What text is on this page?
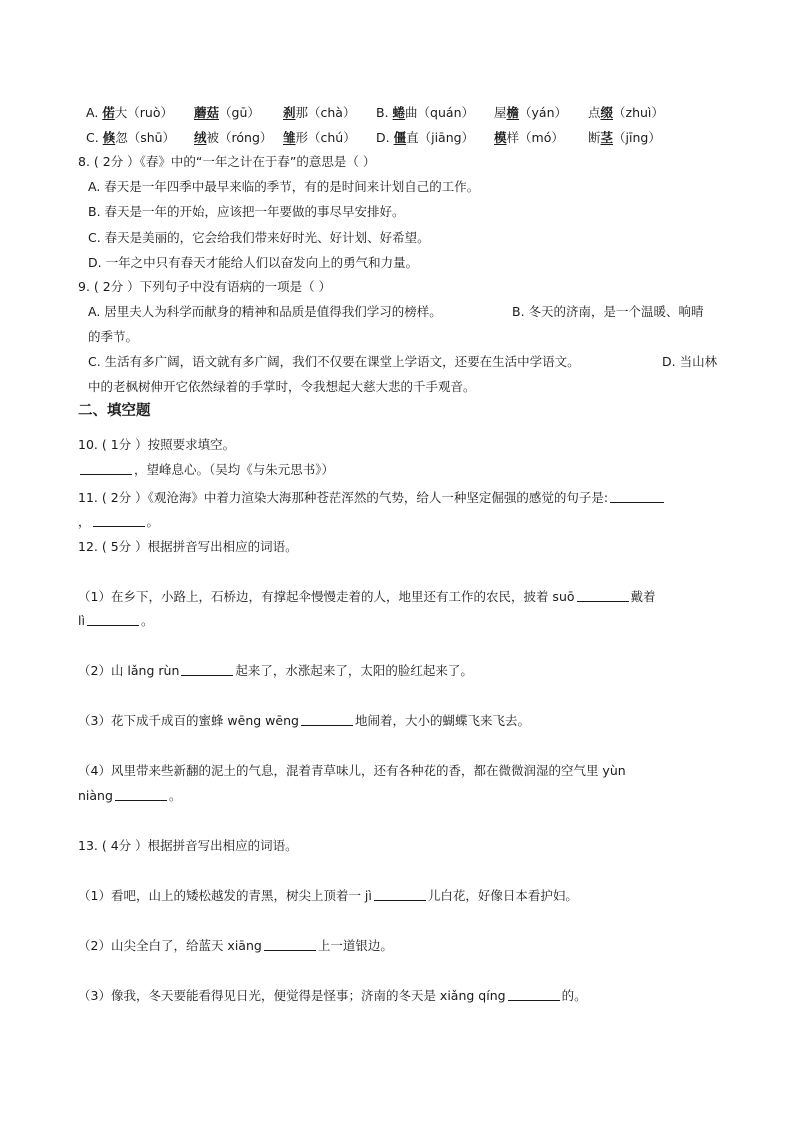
A. 偌大（ruò） 蘑菇（gū） 刹那（chà） B. 蜷曲（quán） 屋檐（yán） 点缀（zhuì）
C. 倏忽（shū） 绒被（róng） 雏形（chú） D. 僵直（jiāng） 模样（mó） 断茎（jīng）
8. ( 2分 ）《春》中的“一年之计在于春”的意思是（ ）
A. 春天是一年四季中最早来临的季节，有的是时间来计划自己的工作。
B. 春天是一年的开始，应该把一年要做的事尽早安排好。
C. 春天是美丽的，它会给我们带来好时光、好计划、好希望。
D. 一年之中只有春天才能给人们以奋发向上的勇气和力量。
9. ( 2分 ）下列句子中没有语病的一项是（ ）
A. 居里夫人为科学而献身的精神和品质是值得我们学习的榜样。	B. 冬天的济南，是一个温暖、响晴
的季节。
C. 生活有多广阔，语文就有多广阔，我们不仅要在课堂上学语文，还要在生活中学语文。	D. 当山林
中的老枫树伸开它依然绿着的手掌时，令我想起大慈大悲的千手观音。
二、填空题
10. ( 1分 ）按照要求填空。
，望峰息心。（吴均《与朱元思书》）
11. ( 2分 ）《观沧海》中着力渲染大海那种苍茫浑然的气势，给人一种坚定倔强的感觉的句子是:
，	。
12. ( 5分 ）根据拼音写出相应的词语。
（1）在乡下，小路上，石桥边，有撑起伞慢慢走着的人，地里还有工作的农民，披着 suō	戴着
lì	。
（2）山 lǎng rùn	起来了，水涨起来了，太阳的脸红起来了。
（3）花下成千成百的蜜蜂 wēng wēng	地闹着，大小的蝴蝶飞来飞去。
（4）风里带来些新翻的泥土的气息，混着青草味儿，还有各种花的香，都在微微润湿的空气里 yùn
niàng	。
13. ( 4分 ）根据拼音写出相应的词语。
（1）看吧，山上的矮松越发的青黑，树尖上顶着一 jì	儿白花，好像日本看护妇。
（2）山尖全白了，给蓝天 xiāng	上一道银边。
（3）像我，冬天要能看得见日光，便觉得是怪事；济南的冬天是 xiǎng qíng	的。
